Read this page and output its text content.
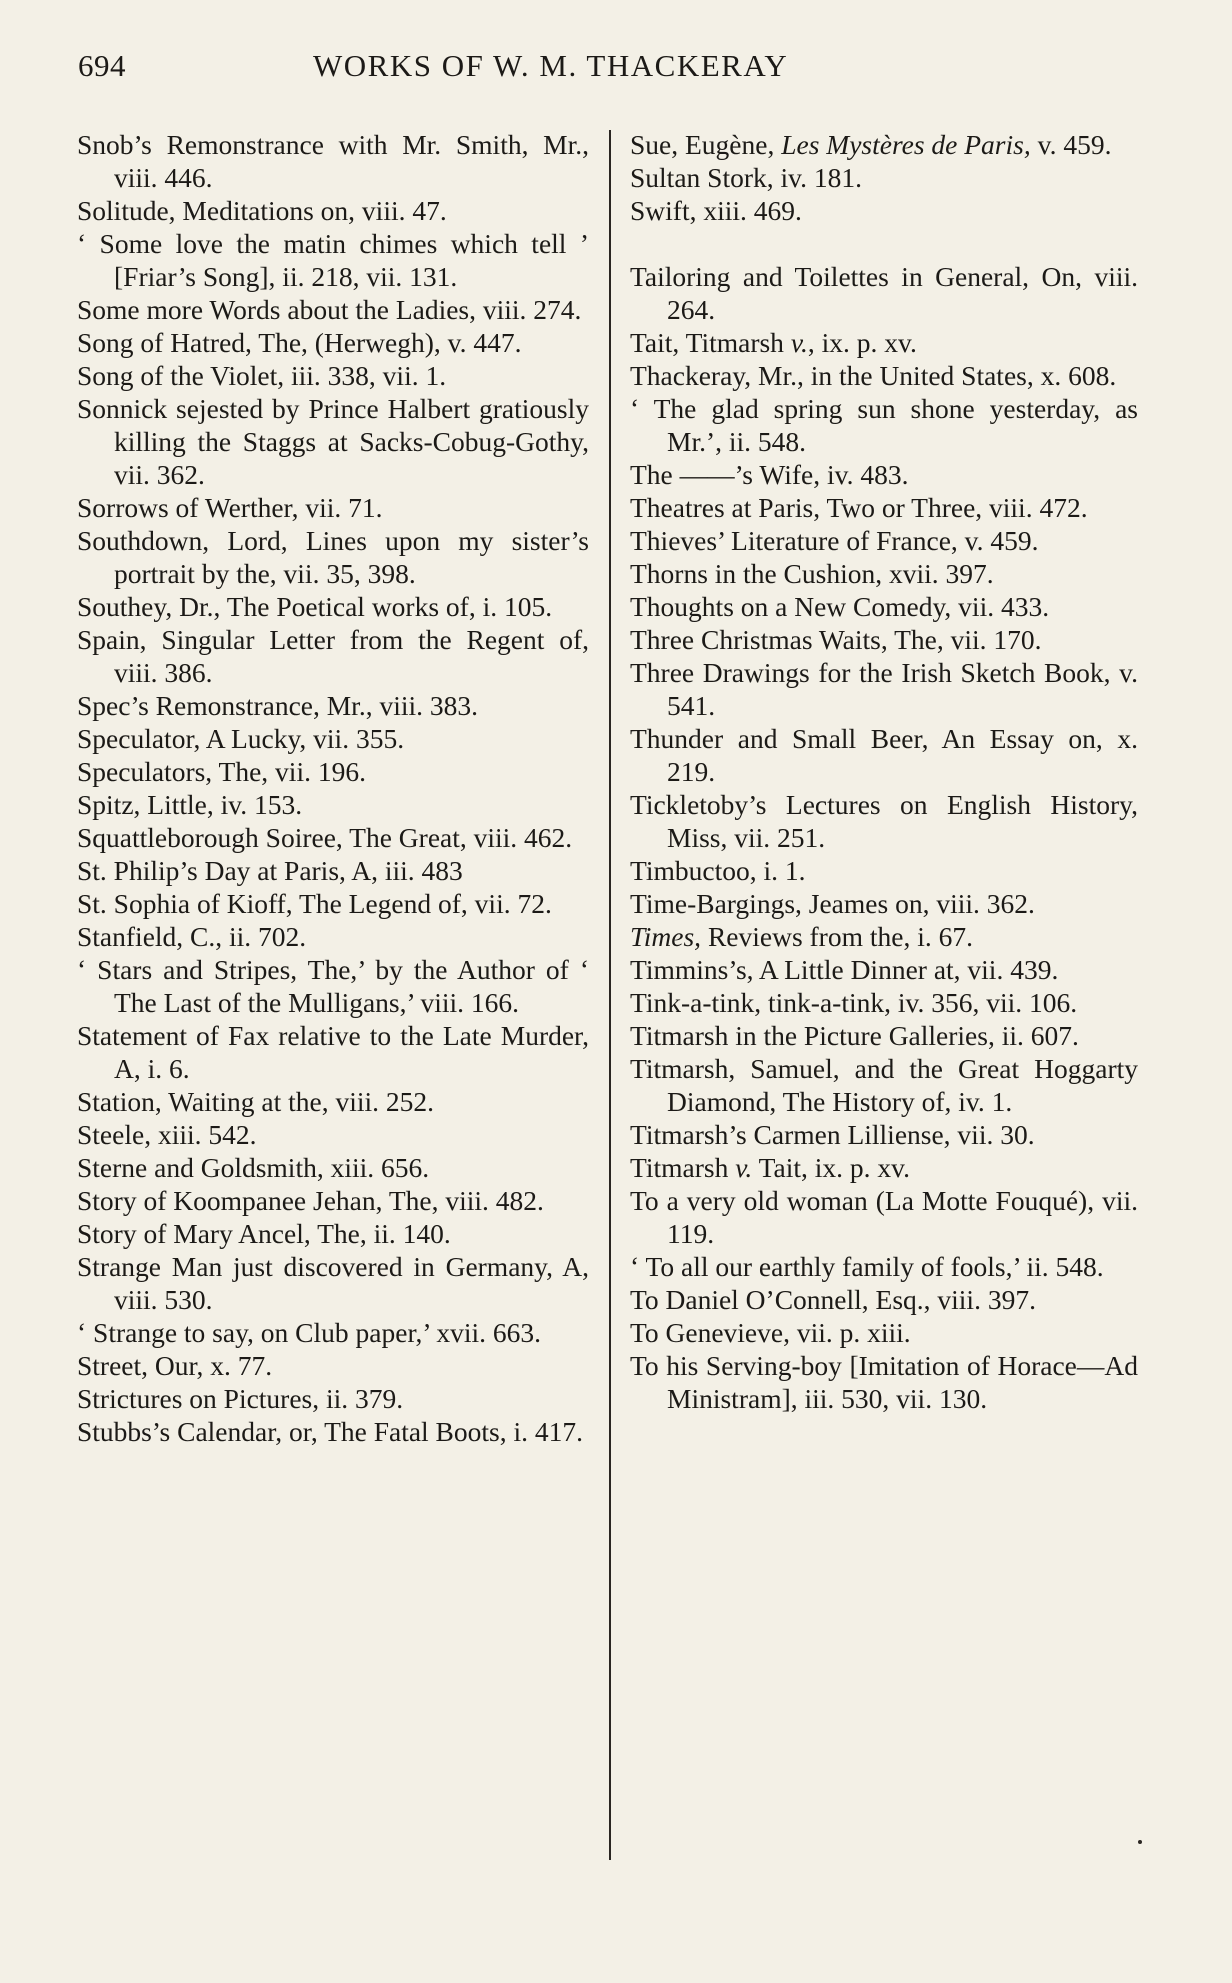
694	WORKS OF W. M. THACKERAY

Snob’s Remonstrance with Mr. Smith, Mr., viii. 446.

Solitude, Meditations on, viii. 47.

‘ Some love the matin chimes which tell ’ [Friar’s Song], ii. 218, vii. 131.

Some more Words about the Ladies, viii. 274.

Song of Hatred, The, (Herwegh), v. 447.

Song of the Violet, iii. 338, vii. 1.

Sonnick sejested by Prince Halbert gratiously killing the Staggs at Sacks-Cobug-Gothy, vii. 362.

Sorrows of Werther, vii. 71.

Southdown, Lord, Lines upon my sister’s portrait by the, vii. 35, 398.

Southey, Dr., The Poetical works of, i. 105.

Spain, Singular Letter from the Regent of, viii. 386.

Spec’s Remonstrance, Mr., viii. 383.

Speculator, A Lucky, vii. 355.

Speculators, The, vii. 196.

Spitz, Little, iv. 153.

Squattleborough Soiree, The Great, viii. 462.

St. Philip’s Day at Paris, A, iii. 483

St. Sophia of Kioff, The Legend of, vii. 72.

Stanfield, C., ii. 702.

‘ Stars and Stripes, The,’ by the Author of ‘ The Last of the Mulligans,’ viii. 166.

Statement of Fax relative to the Late Murder, A, i. 6.

Station, Waiting at the, viii. 252.

Steele, xiii. 542.

Sterne and Goldsmith, xiii. 656.

Story of Koompanee Jehan, The, viii. 482.

Story of Mary Ancel, The, ii. 140.

Strange Man just discovered in Germany, A, viii. 530.

‘ Strange to say, on Club paper,’ xvii. 663.

Street, Our, x. 77.

Strictures on Pictures, ii. 379.

Stubbs’s Calendar, or, The Fatal Boots, i. 417.

Sue, Eugène, Les Mystères de Paris, v. 459.

Sultan Stork, iv. 181.

Swift, xiii. 469.

Tailoring and Toilettes in General, On, viii. 264.

Tait, Titmarsh v., ix. p. xv.

Thackeray, Mr., in the United States, x. 608.

‘ The glad spring sun shone yesterday, as Mr.’, ii. 548.

The ——’s Wife, iv. 483.

Theatres at Paris, Two or Three, viii. 472.

Thieves’ Literature of France, v. 459.

Thorns in the Cushion, xvii. 397.

Thoughts on a New Comedy, vii. 433.

Three Christmas Waits, The, vii. 170.

Three Drawings for the Irish Sketch Book, v. 541.

Thunder and Small Beer, An Essay on, x. 219.

Tickletoby’s Lectures on English History, Miss, vii. 251.

Timbuctoo, i. 1.

Time-Bargings, Jeames on, viii. 362.

Times, Reviews from the, i. 67.

Timmins’s, A Little Dinner at, vii. 439.

Tink-a-tink, tink-a-tink, iv. 356, vii. 106.

Titmarsh in the Picture Galleries, ii. 607.

Titmarsh, Samuel, and the Great Hoggarty Diamond, The History of, iv. 1.

Titmarsh’s Carmen Lilliense, vii. 30.

Titmarsh v. Tait, ix. p. xv.

To a very old woman (La Motte Fouqué), vii. 119.

‘ To all our earthly family of fools,’ ii. 548.

To Daniel O’Connell, Esq., viii. 397.

To Genevieve, vii. p. xiii.

To his Serving-boy [Imitation of Horace—Ad Ministram], iii. 530, vii. 130.
